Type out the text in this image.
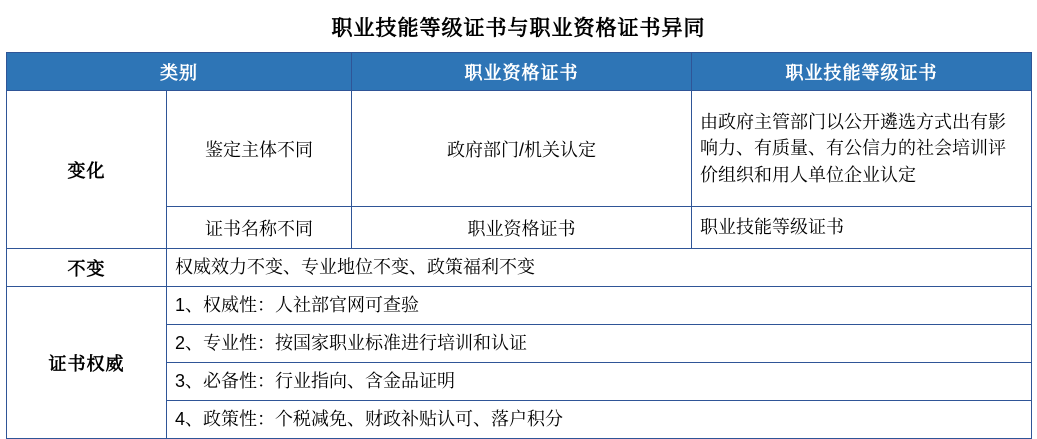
职业技能等级证书与职业资格证书异同
类别		职业资格证书	职业技能等级证书
变化	鉴定主体不同	政府部门/机关认定	由政府主管部门以公开遴选方式出有影响力、有质量、有公信力的社会培训评价组织和用人单位企业认定
	证书名称不同	职业资格证书	职业技能等级证书
不变	权威效力不变、专业地位不变、政策福利不变		
证书权威	1、权威性：人社部官网可查验		
	2、专业性：按国家职业标准进行培训和认证		
	3、必备性：行业指向、含金品证明		
	4、政策性：个税减免、财政补贴认可、落户积分		
